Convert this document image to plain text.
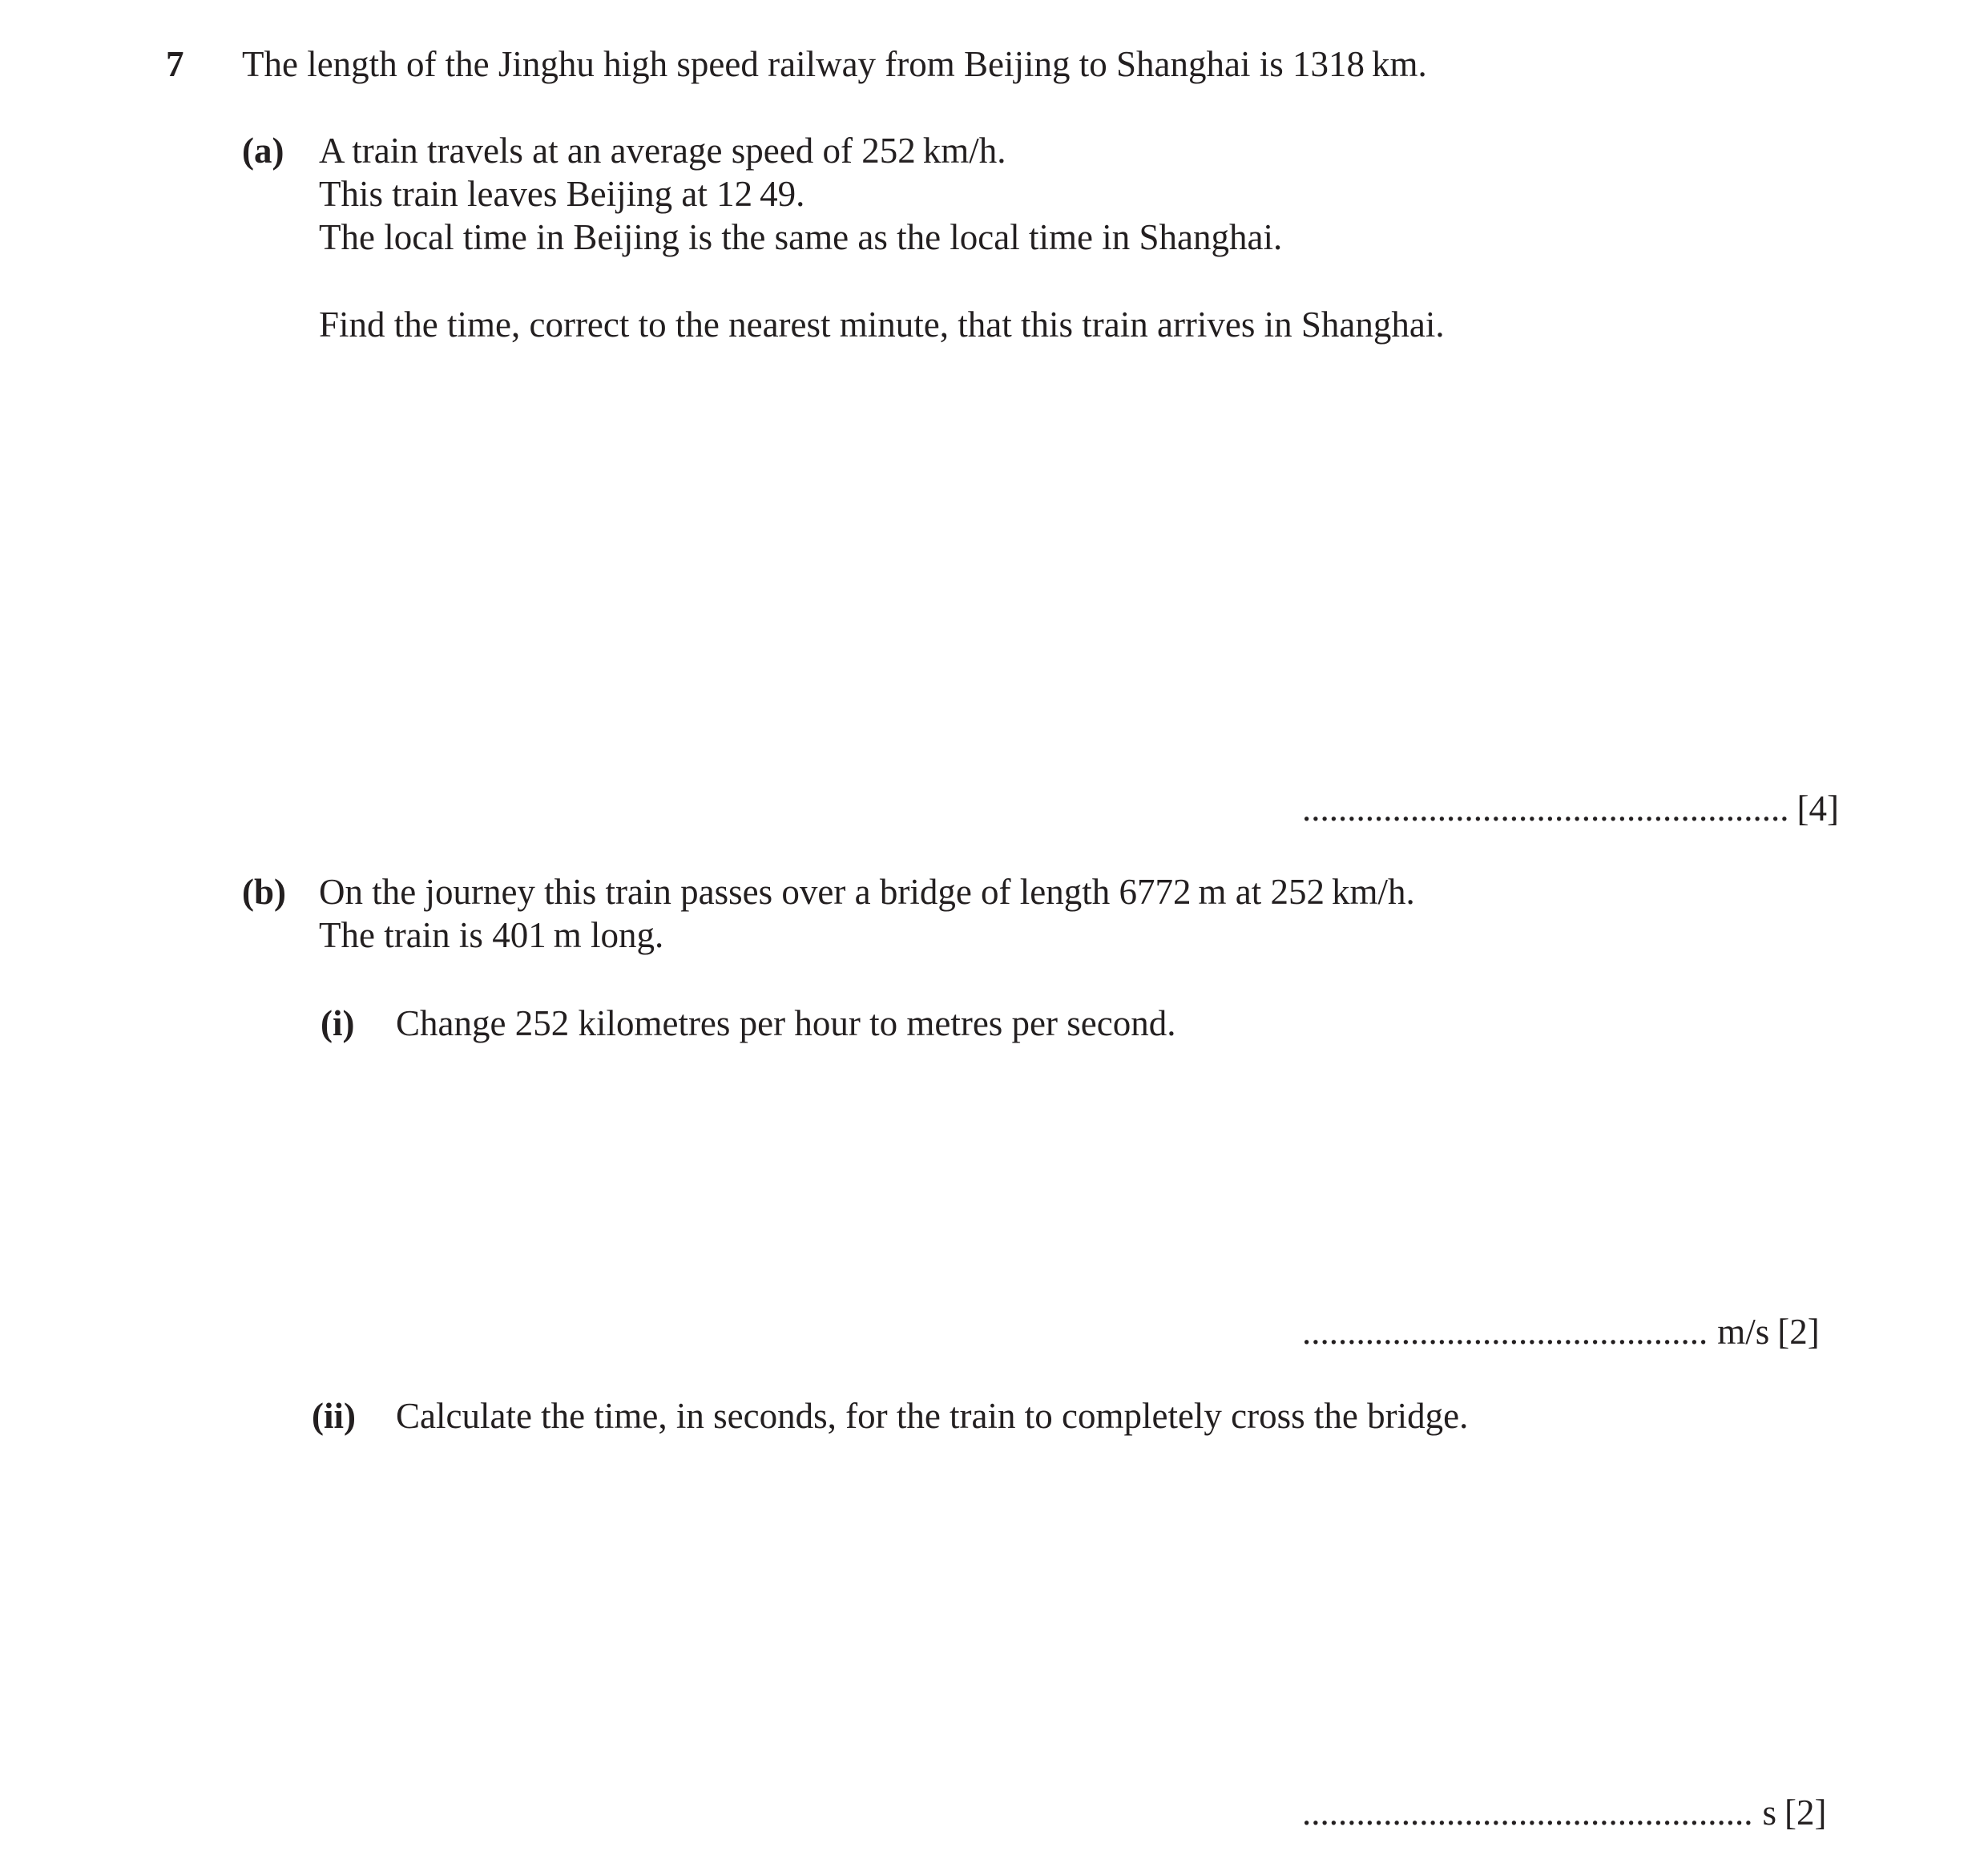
7 The length of the Jinghu high speed railway from Beijing to Shanghai is 1318 km.
(a) A train travels at an average speed of 252 km/h.
This train leaves Beijing at 12 49.
The local time in Beijing is the same as the local time in Shanghai.
Find the time, correct to the nearest minute, that this train arrives in Shanghai.
...................................................... [4]
(b) On the journey this train passes over a bridge of length 6772 m at 252 km/h.
The train is 401 m long.
(i) Change 252 kilometres per hour to metres per second.
............................................. m/s [2]
(ii) Calculate the time, in seconds, for the train to completely cross the bridge.
.................................................. s [2]
